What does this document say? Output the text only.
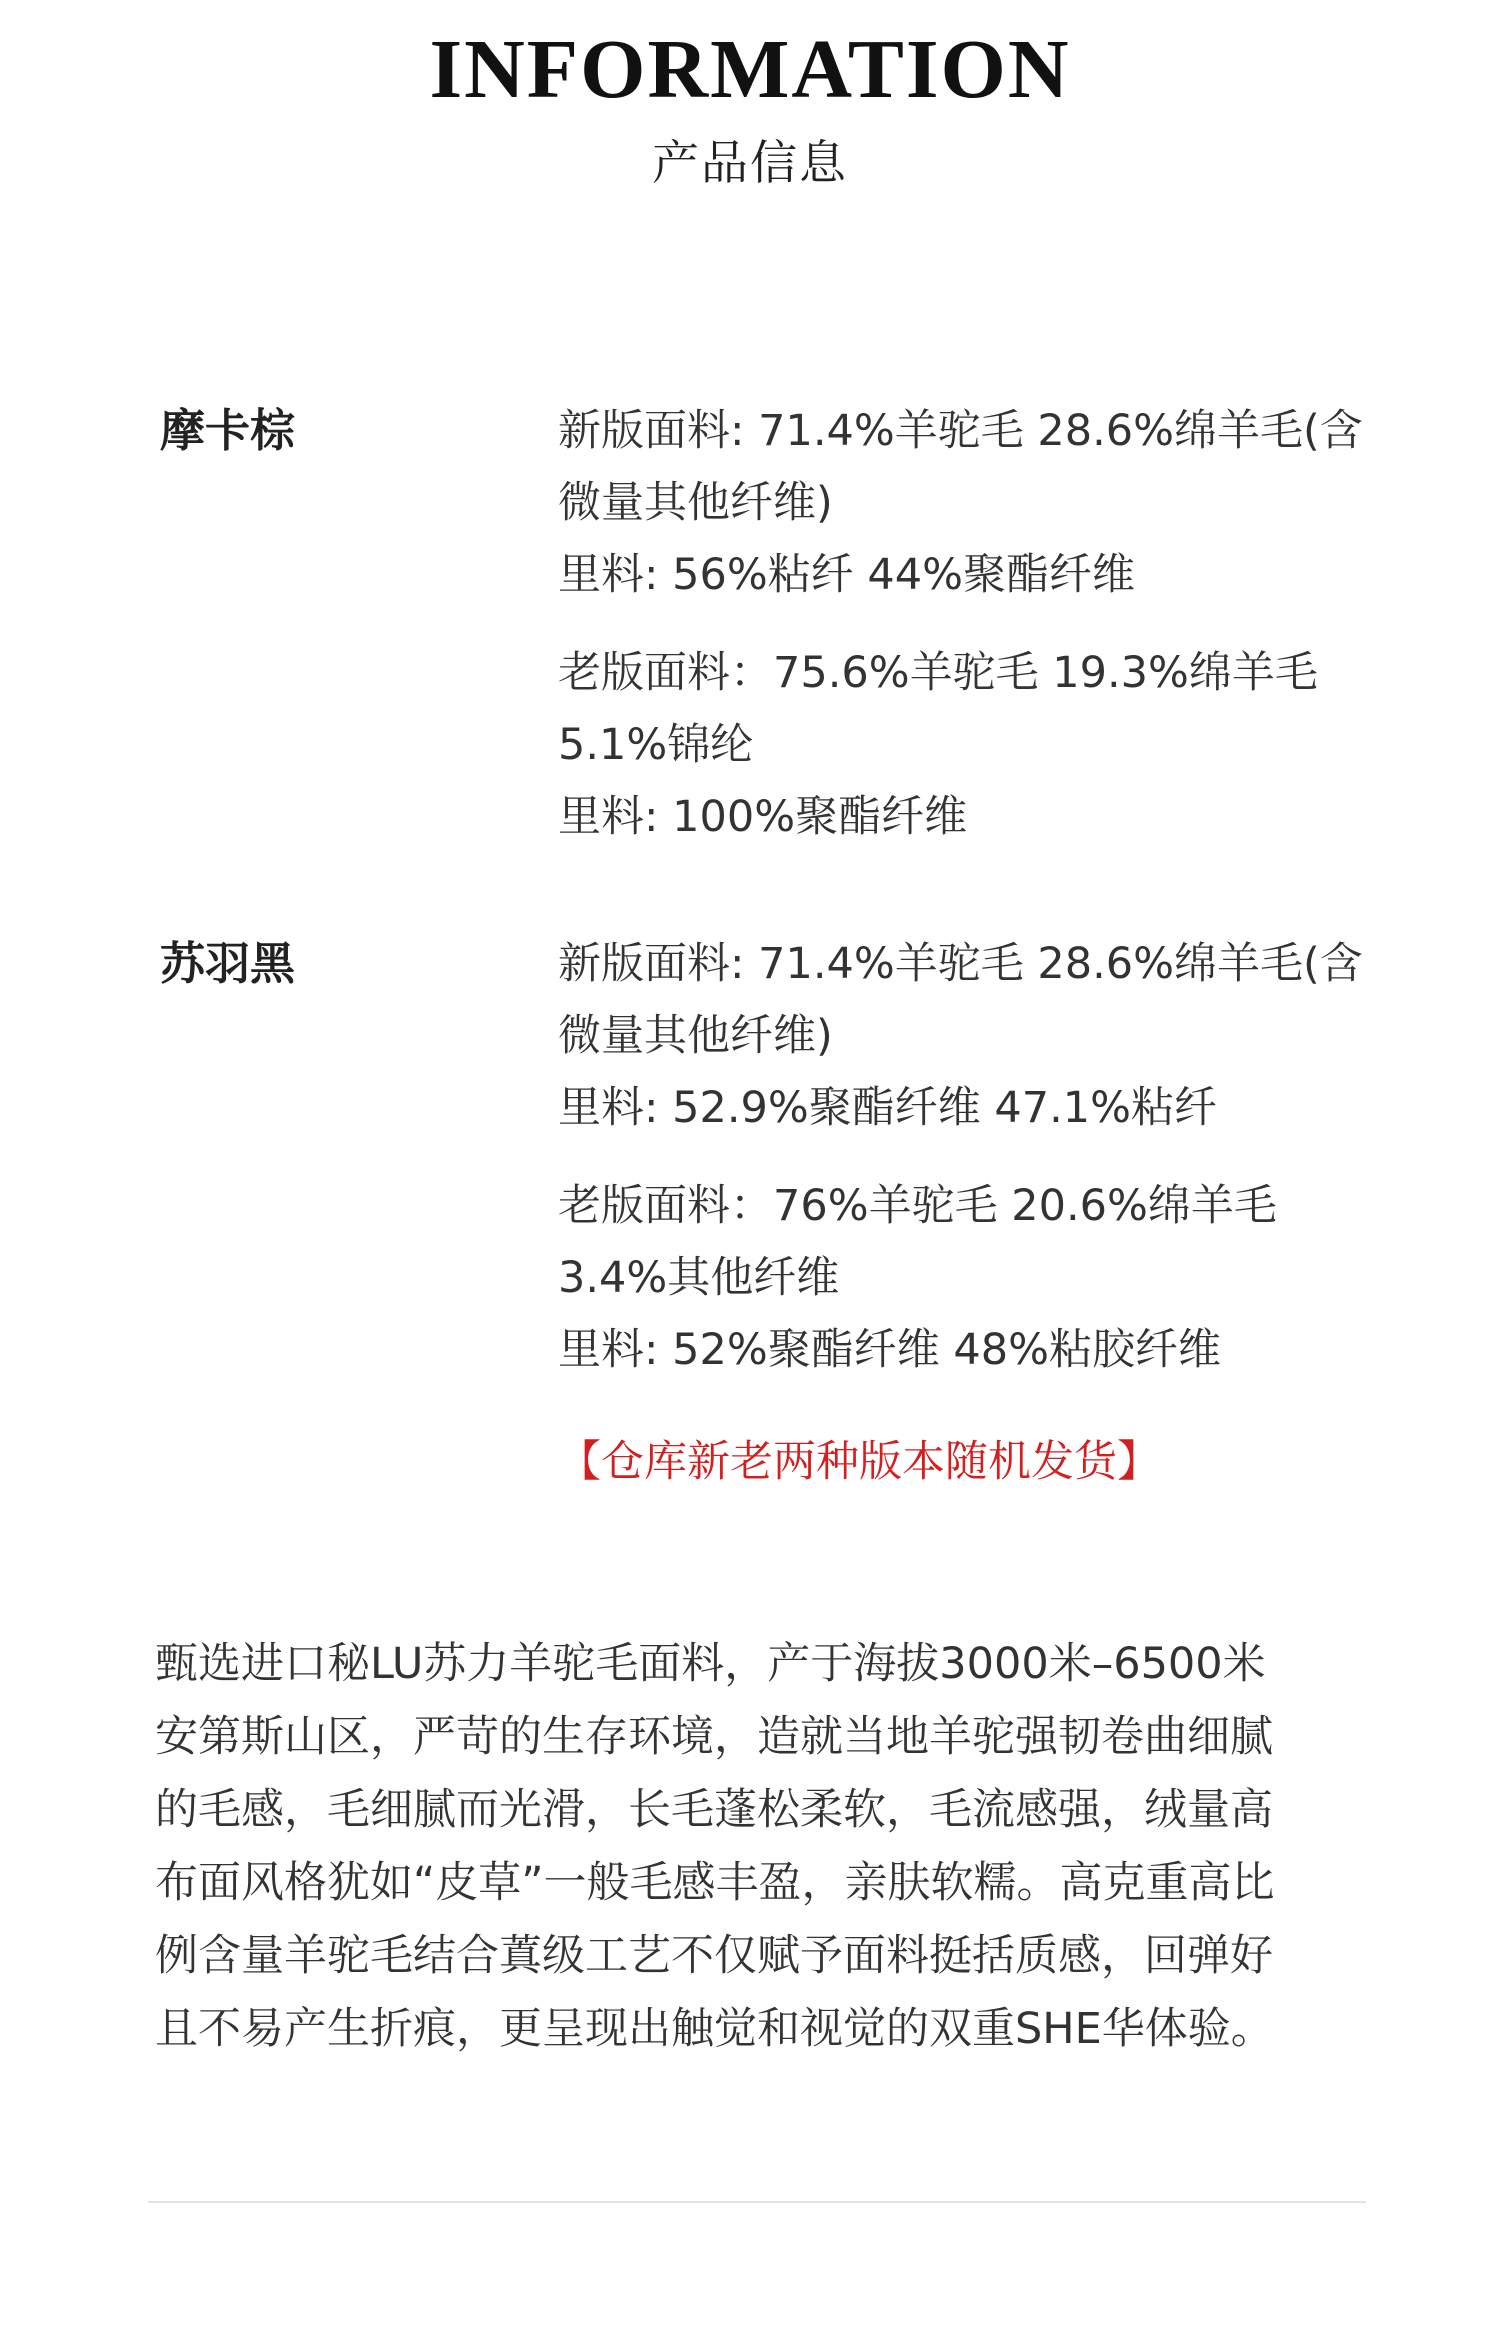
INFORMATION
产品信息
摩卡棕	新版面料: 71.4%羊驼毛 28.6%绵羊毛(含
微量其他纤维)
里料: 56%粘纤 44%聚酯纤维
老版面料：75.6%羊驼毛 19.3%绵羊毛
5.1%锦纶
里料: 100%聚酯纤维
苏羽黑	新版面料: 71.4%羊驼毛 28.6%绵羊毛(含
微量其他纤维)
里料: 52.9%聚酯纤维 47.1%粘纤
老版面料：76%羊驼毛 20.6%绵羊毛
3.4%其他纤维
里料: 52%聚酯纤维 48%粘胶纤维
【仓库新老两种版本随机发货】
甄选进口秘LU苏力羊驼毛面料，产于海拔3000米–6500米
安第斯山区，严苛的生存环境，造就当地羊驼强韧卷曲细腻
的毛感，毛细腻而光滑，长毛蓬松柔软，毛流感强，绒量高
布面风格犹如“皮草”一般毛感丰盈，亲肤软糯。高克重高比
例含量羊驼毛结合蒖级工艺不仅赋予面料挺括质感，回弹好
且不易产生折痕，更呈现出触觉和视觉的双重SHE华体验。
